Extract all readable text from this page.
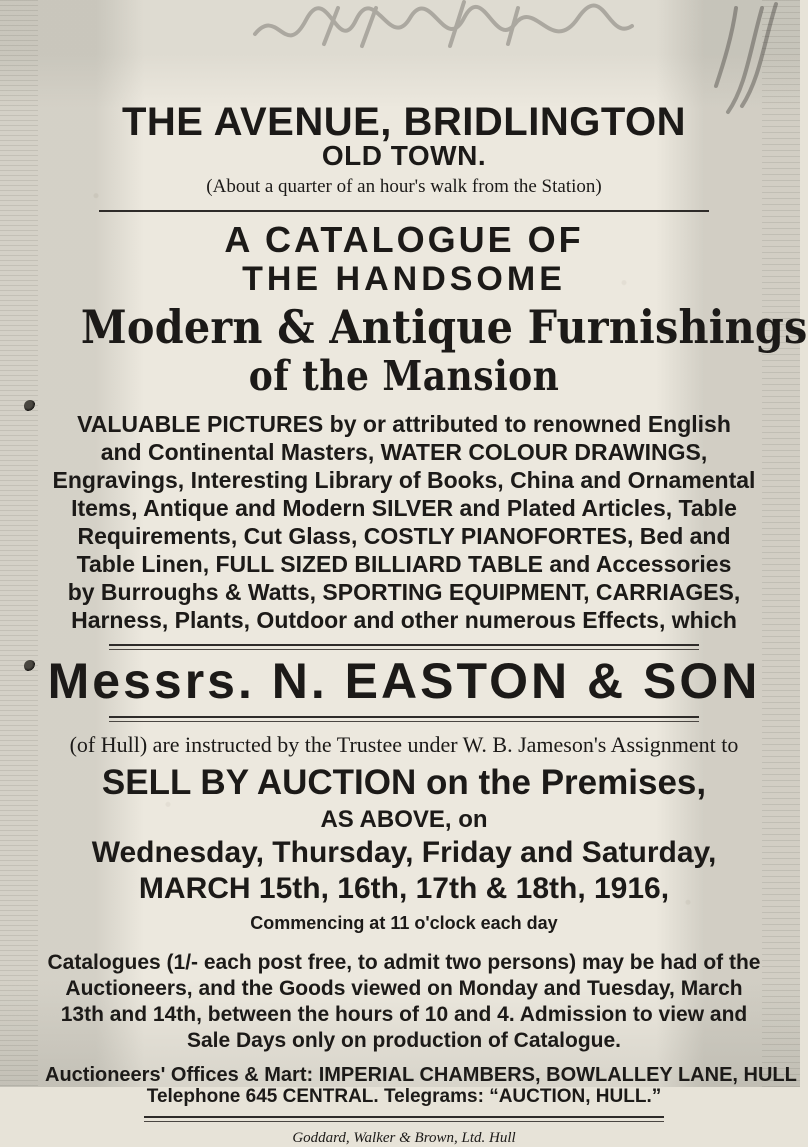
THE AVENUE, BRIDLINGTON
OLD TOWN.
(About a quarter of an hour's walk from the Station)
A CATALOGUE OF
THE HANDSOME
Modern & Antique Furnishings
of the Mansion

VALUABLE PICTURES by or attributed to renowned English

and Continental Masters, WATER COLOUR DRAWINGS,

Engravings, Interesting Library of Books, China and Ornamental

Items, Antique and Modern SILVER and Plated Articles, Table

Requirements, Cut Glass, COSTLY PIANOFORTES, Bed and

Table Linen, FULL SIZED BILLIARD TABLE and Accessories

by Burroughs & Watts, SPORTING EQUIPMENT, CARRIAGES,

Harness, Plants, Outdoor and other numerous Effects, which

Messrs. N. EASTON & SON
(of Hull) are instructed by the Trustee under W. B. Jameson's Assignment to
SELL BY AUCTION on the Premises,
AS ABOVE, on
Wednesday, Thursday, Friday and Saturday,
MARCH 15th, 16th, 17th & 18th, 1916,
Commencing at 11 o'clock each day

Catalogues (1/- each post free, to admit two persons) may be had of the

Auctioneers, and the Goods viewed on Monday and Tuesday, March

13th and 14th, between the hours of 10 and 4. Admission to view and

Sale Days only on production of Catalogue.

Auctioneers' Offices & Mart: IMPERIAL CHAMBERS, BOWLALLEY LANE, HULL

Telephone 645 CENTRAL. Telegrams: “AUCTION, HULL.”

Goddard, Walker & Brown, Ltd. Hull
